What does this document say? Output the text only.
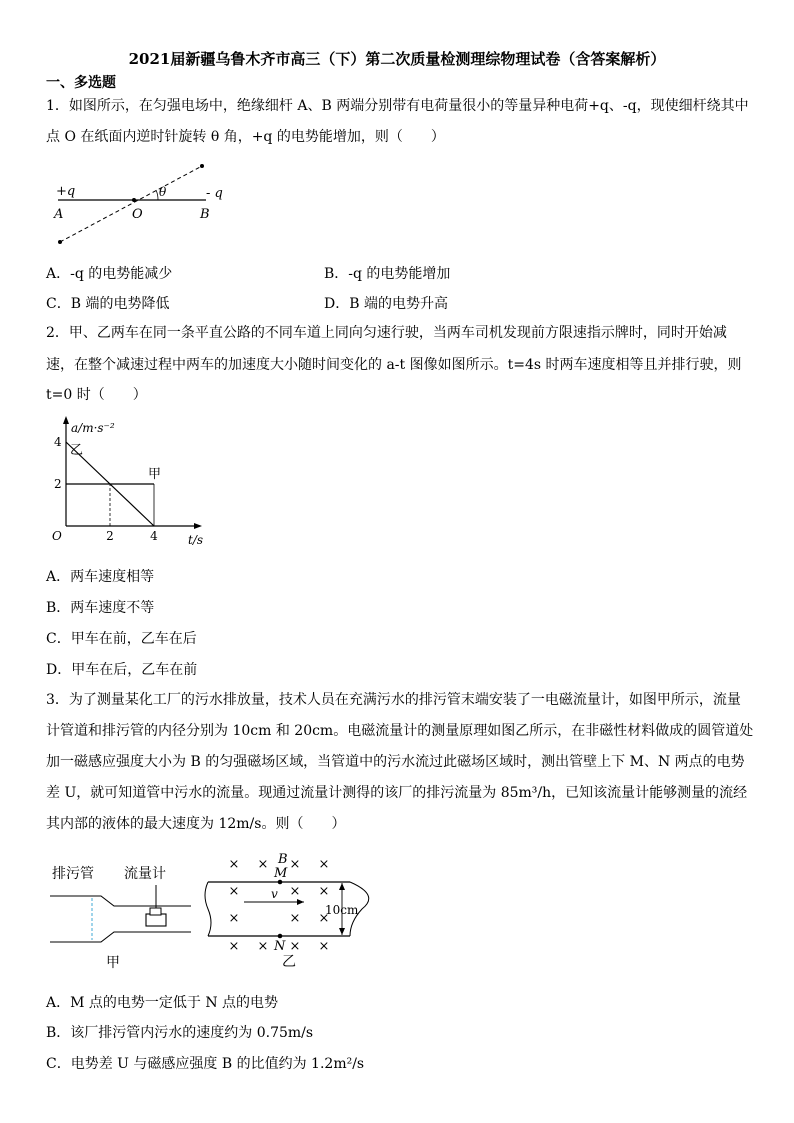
2021届新疆乌鲁木齐市高三（下）第二次质量检测理综物理试卷（含答案解析）
一、多选题
1．如图所示，在匀强电场中，绝缘细杆 A、B 两端分别带有电荷量很小的等量异种电荷+q、-q，现使细杆绕其中
点 O 在纸面内逆时针旋转 θ 角，+q 的电势能增加，则（　　）
+q	- q
A	O	B
θ
A．-q 的电势能减少	B．-q 的电势能增加
C．B 端的电势降低	D．B 端的电势升高
2．甲、乙两车在同一条平直公路的不同车道上同向匀速行驶，当两车司机发现前方限速指示牌时，同时开始减
速，在整个减速过程中两车的加速度大小随时间变化的 a-t 图像如图所示。t=4s 时两车速度相等且并排行驶，则
t=0 时（　　）
乙
甲
2	4
2
4
a/m·s⁻²
t/s
O
A．两车速度相等
B．两车速度不等
C．甲车在前，乙车在后
D．甲车在后，乙车在前
3．为了测量某化工厂的污水排放量，技术人员在充满污水的排污管末端安装了一电磁流量计，如图甲所示，流量
计管道和排污管的内径分别为 10cm 和 20cm。电磁流量计的测量原理如图乙所示，在非磁性材料做成的圆管道处
加一磁感应强度大小为 B 的匀强磁场区域，当管道中的污水流过此磁场区域时，测出管壁上下 M、N 两点的电势
差 U，就可知道管中污水的流量。现通过流量计测得的该厂的排污流量为 85m³/h，已知该流量计能够测量的流经
其内部的液体的最大速度为 12m/s。则（　　）
排污管 流量计
甲
× × × ×
×	× ×
×	× ×
× × × ×
v
B
M
N
10cm
乙
A．M 点的电势一定低于 N 点的电势
B．该厂排污管内污水的速度约为 0.75m/s
C．电势差 U 与磁感应强度 B 的比值约为 1.2m²/s
